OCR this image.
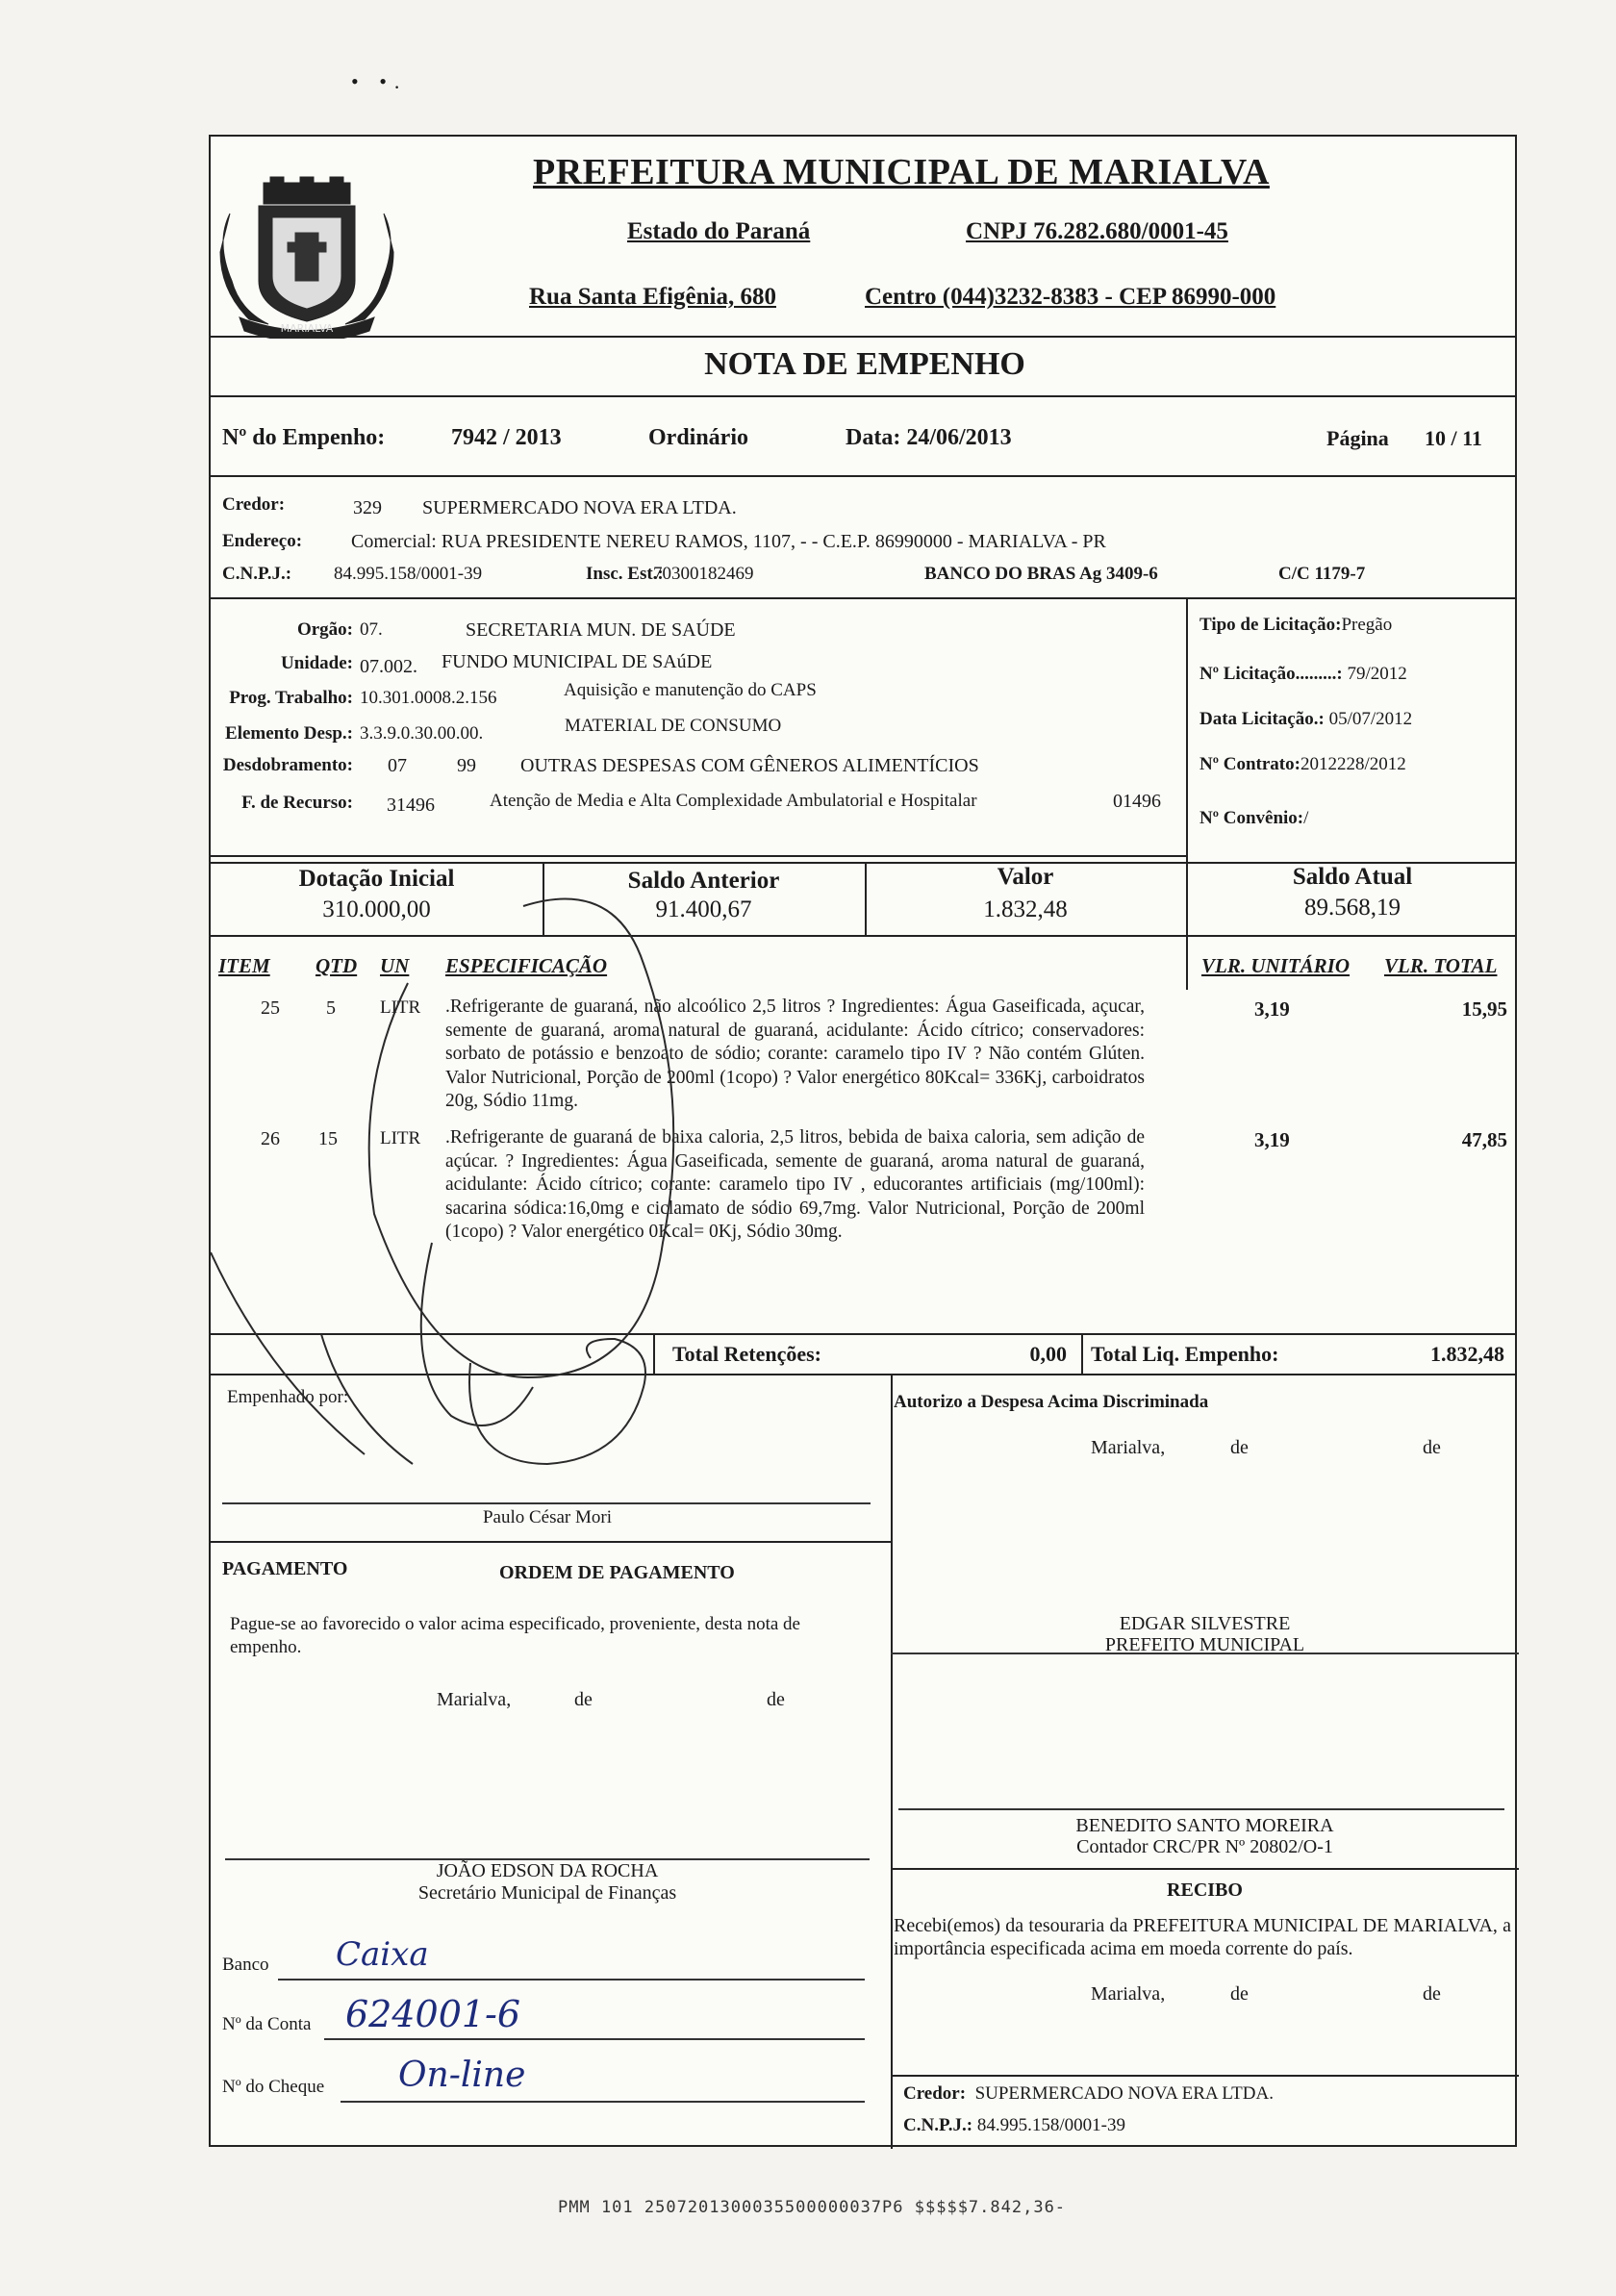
• •.
MARIALVA
PREFEITURA MUNICIPAL DE MARIALVA
Estado do Paraná	CNPJ 76.282.680/0001-45
Rua Santa Efigênia, 680	Centro (044)3232-8383 - CEP 86990-000
NOTA DE EMPENHO
Nº do Empenho:	7942 / 2013	Ordinário	Data: 24/06/2013	Página 10 / 11
Credor:	329 SUPERMERCADO NOVA ERA LTDA.
Endereço:	Comercial: RUA PRESIDENTE NEREU RAMOS, 1107, - - C.E.P. 86990000 - MARIALVA - PR
C.N.P.J.: 84.995.158/0001-39	Insc. Est.:
70300182469	BANCO DO BRAS Ag 3409-6	C/C 1179-7
Orgão: 07.	SECRETARIA MUN. DE SAÚDE
Unidade: 07.002. FUNDO MUNICIPAL DE SAúDE
Prog. Trabalho: 10.301.0008.2.156	Aquisição e manutenção do CAPS
Elemento Desp.: 3.3.9.0.30.00.00.	MATERIAL DE CONSUMO
Desdobramento: 07	99 OUTRAS DESPESAS COM GÊNEROS ALIMENTÍCIOS
F. de Recurso: 31496	Atenção de Media e Alta Complexidade Ambulatorial e Hospitalar	01496
Tipo de Licitação:Pregão
Nº Licitação.........: 79/2012
Data Licitação.: 05/07/2012
Nº Contrato:2012228/2012
Nº Convênio:/
Dotação Inicial
310.000,00
Saldo Anterior
91.400,67
Valor
1.832,48
Saldo Atual
89.568,19
ITEM QTD UN ESPECIFICAÇÃO	VLR. UNITÁRIO VLR. TOTAL
25 5 LITR .Refrigerante de guaraná, não alcoólico 2,5 litros ? Ingredientes: Água Gaseificada, açucar, semente de guaraná, aroma natural de guaraná, acidulante: Ácido cítrico; conservadores: sorbato de potássio e benzoato de sódio; corante: caramelo tipo IV ? Não contém Glúten. Valor Nutricional, Porção de 200ml (1copo) ? Valor energético 80Kcal= 336Kj, carboidratos 20g, Sódio 11mg.
3,19	15,95
26 15 LITR .Refrigerante de guaraná de baixa caloria, 2,5 litros, bebida de baixa caloria, sem adição de açúcar. ? Ingredientes: Água Gaseificada, semente de guaraná, aroma natural de guaraná, acidulante: Ácido cítrico; corante: caramelo tipo IV , educorantes artificiais (mg/100ml): sacarina sódica:16,0mg e ciclamato de sódio 69,7mg. Valor Nutricional, Porção de 200ml (1copo) ? Valor energético 0Kcal= 0Kj, Sódio 30mg.
3,19	47,85
Total Retenções:	0,00 Total Liq. Empenho:	1.832,48
Empenhado por:
Paulo César Mori
Autorizo a Despesa Acima Discriminada
Marialva,	de	de
PAGAMENTO	ORDEM DE PAGAMENTO
Pague-se ao favorecido o valor acima especificado, proveniente, desta nota de empenho.
Marialva,	de	de
EDGAR SILVESTRE
PREFEITO MUNICIPAL
BENEDITO SANTO MOREIRA
Contador CRC/PR Nº 20802/O-1
JOÃO EDSON DA ROCHA
Secretário Municipal de Finanças	RECIBO
Recebi(emos) da tesouraria da PREFEITURA MUNICIPAL DE MARIALVA, a importância especificada acima em moeda corrente do país.
Marialva,	de	de
Banco Caixa
Nº da Conta 624001-6
Nº do Cheque On-line	Credor: SUPERMERCADO NOVA ERA LTDA.
C.N.P.J.: 84.995.158/0001-39
PMM 101 2507201300035500000037P6 $$$$$7.842,36-
